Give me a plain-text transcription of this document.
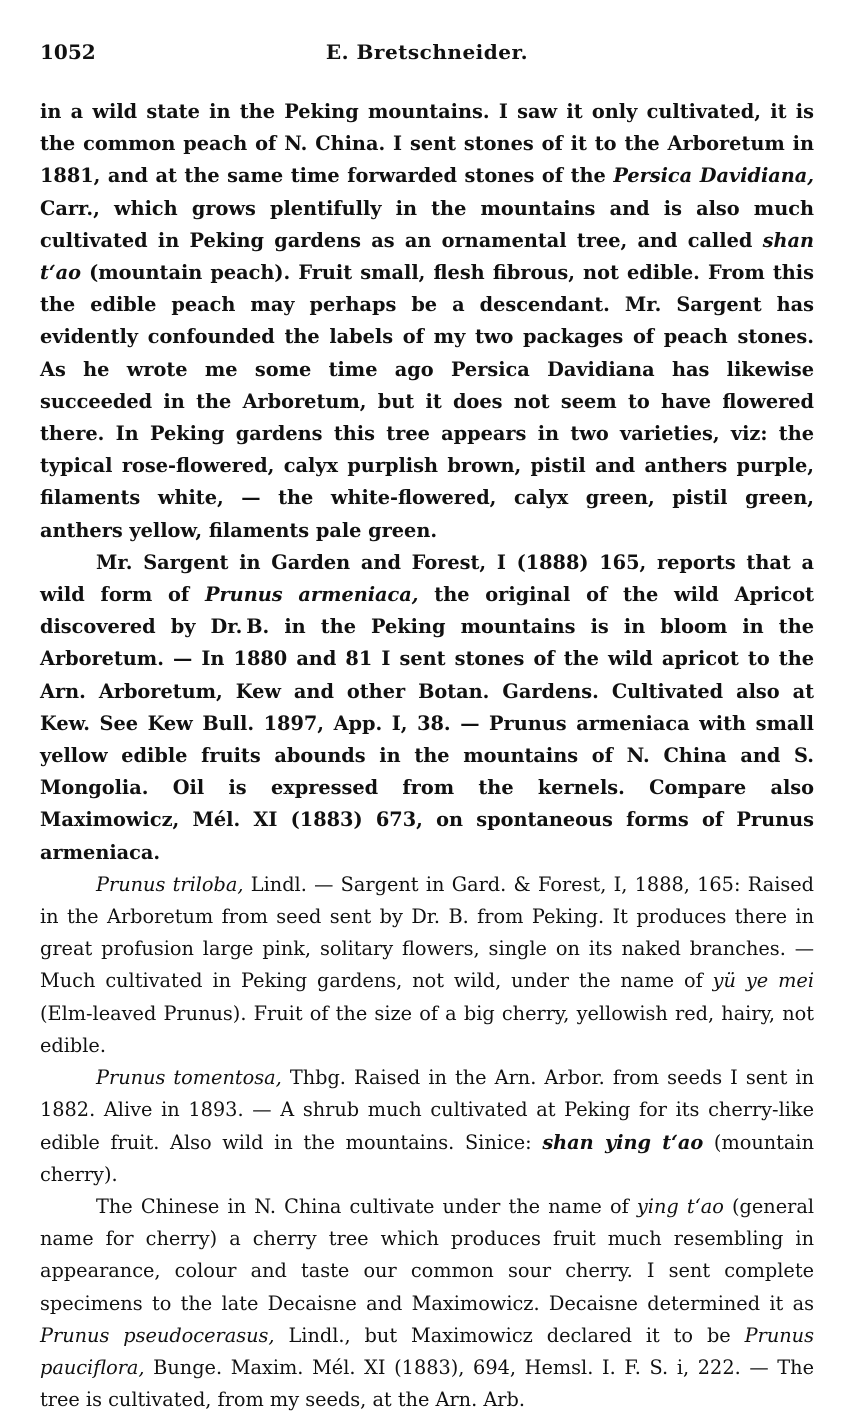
1052	E. Bretschneider.

in a wild state in the Peking mountains. I saw it only cultivated, it is the common peach of N. China. I sent stones of it to the Arboretum in 1881, and at the same time forwarded stones of the Persica Davidiana, Carr., which grows plentifully in the mountains and is also much cultivated in Peking gardens as an ornamental tree, and called shan tʻao (mountain peach). Fruit small, flesh fibrous, not edible. From this the edible peach may perhaps be a descendant. Mr. Sargent has evidently confounded the labels of my two packages of peach stones. As he wrote me some time ago Persica Davidiana has likewise succeeded in the Arboretum, but it does not seem to have flowered there. In Peking gardens this tree appears in two varieties, viz: the typical rose-flowered, calyx purplish brown, pistil and anthers purple, filaments white, — the white-flowered, calyx green, pistil green, anthers yellow, filaments pale green.

Mr. Sargent in Garden and Forest, I (1888) 165, reports that a wild form of Prunus armeniaca, the original of the wild Apricot discovered by Dr. B. in the Peking mountains is in bloom in the Arboretum. — In 1880 and 81 I sent stones of the wild apricot to the Arn. Arboretum, Kew and other Botan. Gardens. Cultivated also at Kew. See Kew Bull. 1897, App. I, 38. — Prunus armeniaca with small yellow edible fruits abounds in the mountains of N. China and S. Mongolia. Oil is expressed from the kernels. Compare also Maximowicz, Mél. XI (1883) 673, on spontaneous forms of Prunus armeniaca.

Prunus triloba, Lindl. — Sargent in Gard. & Forest, I, 1888, 165: Raised in the Arboretum from seed sent by Dr. B. from Peking. It produces there in great profusion large pink, solitary flowers, single on its naked branches. — Much cultivated in Peking gardens, not wild, under the name of yü ye mei (Elm-leaved Prunus). Fruit of the size of a big cherry, yellowish red, hairy, not edible.

Prunus tomentosa, Thbg. Raised in the Arn. Arbor. from seeds I sent in 1882. Alive in 1893. — A shrub much cultivated at Peking for its cherry-like edible fruit. Also wild in the mountains. Sinice: shan ying tʻao (mountain cherry).

The Chinese in N. China cultivate under the name of ying tʻao (general name for cherry) a cherry tree which produces fruit much resembling in appearance, colour and taste our common sour cherry. I sent complete specimens to the late Decaisne and Maximowicz. Decaisne determined it as Prunus pseudocerasus, Lindl., but Maximowicz declared it to be Prunus pauciflora, Bunge. Maxim. Mél. XI (1883), 694, Hemsl. I. F. S. i, 222. — The tree is cultivated, from my seeds, at the Arn. Arb.
